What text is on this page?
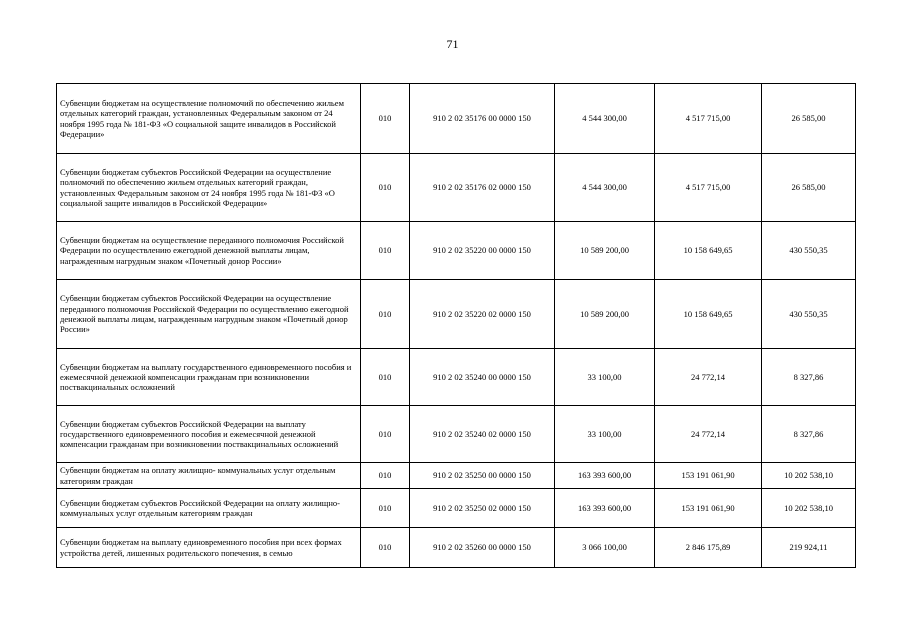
71
Субвенции бюджетам на осуществление полномочий по обеспечению жильем отдельных категорий граждан, установленных Федеральным законом от 24 ноября 1995 года № 181-ФЗ «О социальной защите инвалидов в Российской Федерации»	010	910 2 02 35176 00 0000 150	4 544 300,00	4 517 715,00	26 585,00
Субвенции бюджетам субъектов Российской Федерации на осуществление полномочий по обеспечению жильем отдельных категорий граждан, установленных Федеральным законом от 24 ноября 1995 года № 181-ФЗ «О социальной защите инвалидов в Российской Федерации»	010	910 2 02 35176 02 0000 150	4 544 300,00	4 517 715,00	26 585,00
Субвенции бюджетам на осуществление переданного полномочия Российской Федерации по осуществлению ежегодной денежной выплаты лицам, награжденным нагрудным знаком «Почетный донор России»	010	910 2 02 35220 00 0000 150	10 589 200,00	10 158 649,65	430 550,35
Субвенции бюджетам субъектов Российской Федерации на осуществление переданного полномочия Российской Федерации по осуществлению ежегодной денежной выплаты лицам, награжденным нагрудным знаком «Почетный донор России»	010	910 2 02 35220 02 0000 150	10 589 200,00	10 158 649,65	430 550,35
Субвенции бюджетам на выплату государственного единовременного пособия и ежемесячной денежной компенсации гражданам при возникновении поствакцинальных осложнений	010	910 2 02 35240 00 0000 150	33 100,00	24 772,14	8 327,86
Субвенции бюджетам субъектов Российской Федерации на выплату государственного единовременного пособия и ежемесячной денежной компенсации гражданам при возникновении поствакцинальных осложнений	010	910 2 02 35240 02 0000 150	33 100,00	24 772,14	8 327,86
Субвенции бюджетам на оплату жилищно- коммунальных услуг отдельным категориям граждан	010	910 2 02 35250 00 0000 150	163 393 600,00	153 191 061,90	10 202 538,10
Субвенции бюджетам субъектов Российской Федерации на оплату жилищно-коммунальных услуг отдельным категориям граждан	010	910 2 02 35250 02 0000 150	163 393 600,00	153 191 061,90	10 202 538,10
Субвенции бюджетам на выплату единовременного пособия при всех формах устройства детей, лишенных родительского попечения, в семью	010	910 2 02 35260 00 0000 150	3 066 100,00	2 846 175,89	219 924,11
